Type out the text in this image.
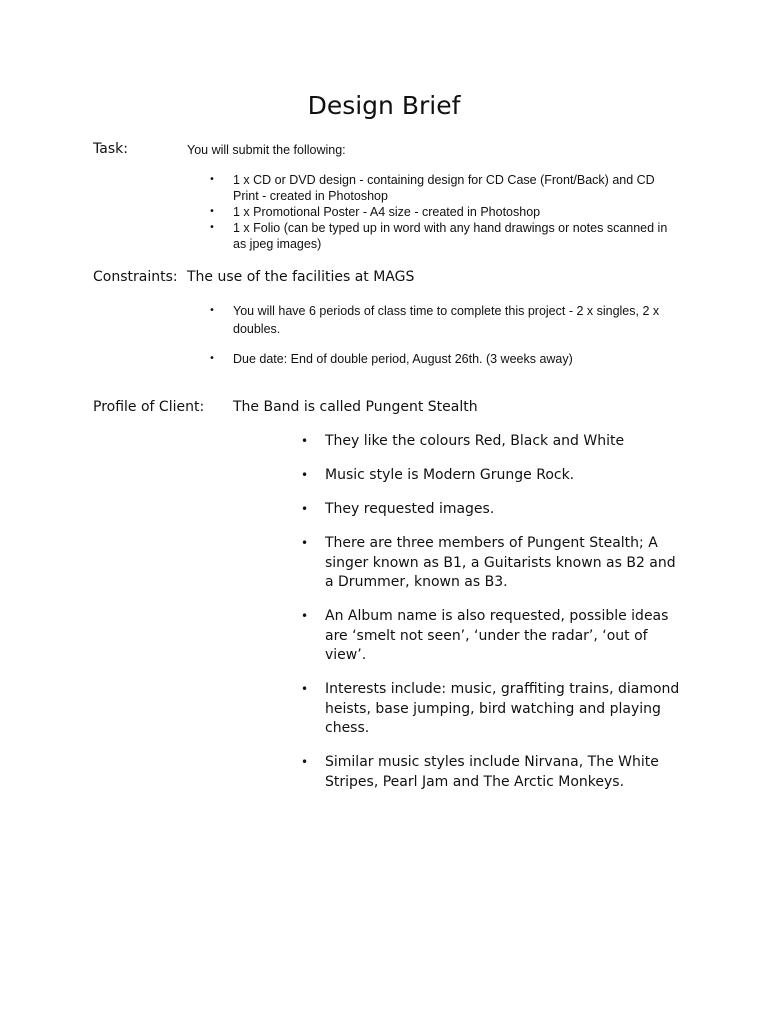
Design Brief
Task:	You will submit the following:
• 1 x CD or DVD design - containing design for CD Case (Front/Back) and CD Print - created in Photoshop
• 1 x Promotional Poster - A4 size - created in Photoshop
• 1 x Folio (can be typed up in word with any hand drawings or notes scanned in as jpeg images)
Constraints: The use of the facilities at MAGS
• You will have 6 periods of class time to complete this project - 2 x singles, 2 x doubles.
• Due date: End of double period, August 26th. (3 weeks away)
Profile of Client: The Band is called Pungent Stealth
• They like the colours Red, Black and White
• Music style is Modern Grunge Rock.
• They requested images.
• There are three members of Pungent Stealth; A singer known as B1, a Guitarists known as B2 and a Drummer, known as B3.
• An Album name is also requested, possible ideas are ‘smelt not seen’, ‘under the radar’, ‘out of view’.
• Interests include: music, graffiting trains, diamond heists, base jumping, bird watching and playing chess.
• Similar music styles include Nirvana, The White Stripes, Pearl Jam and The Arctic Monkeys.
